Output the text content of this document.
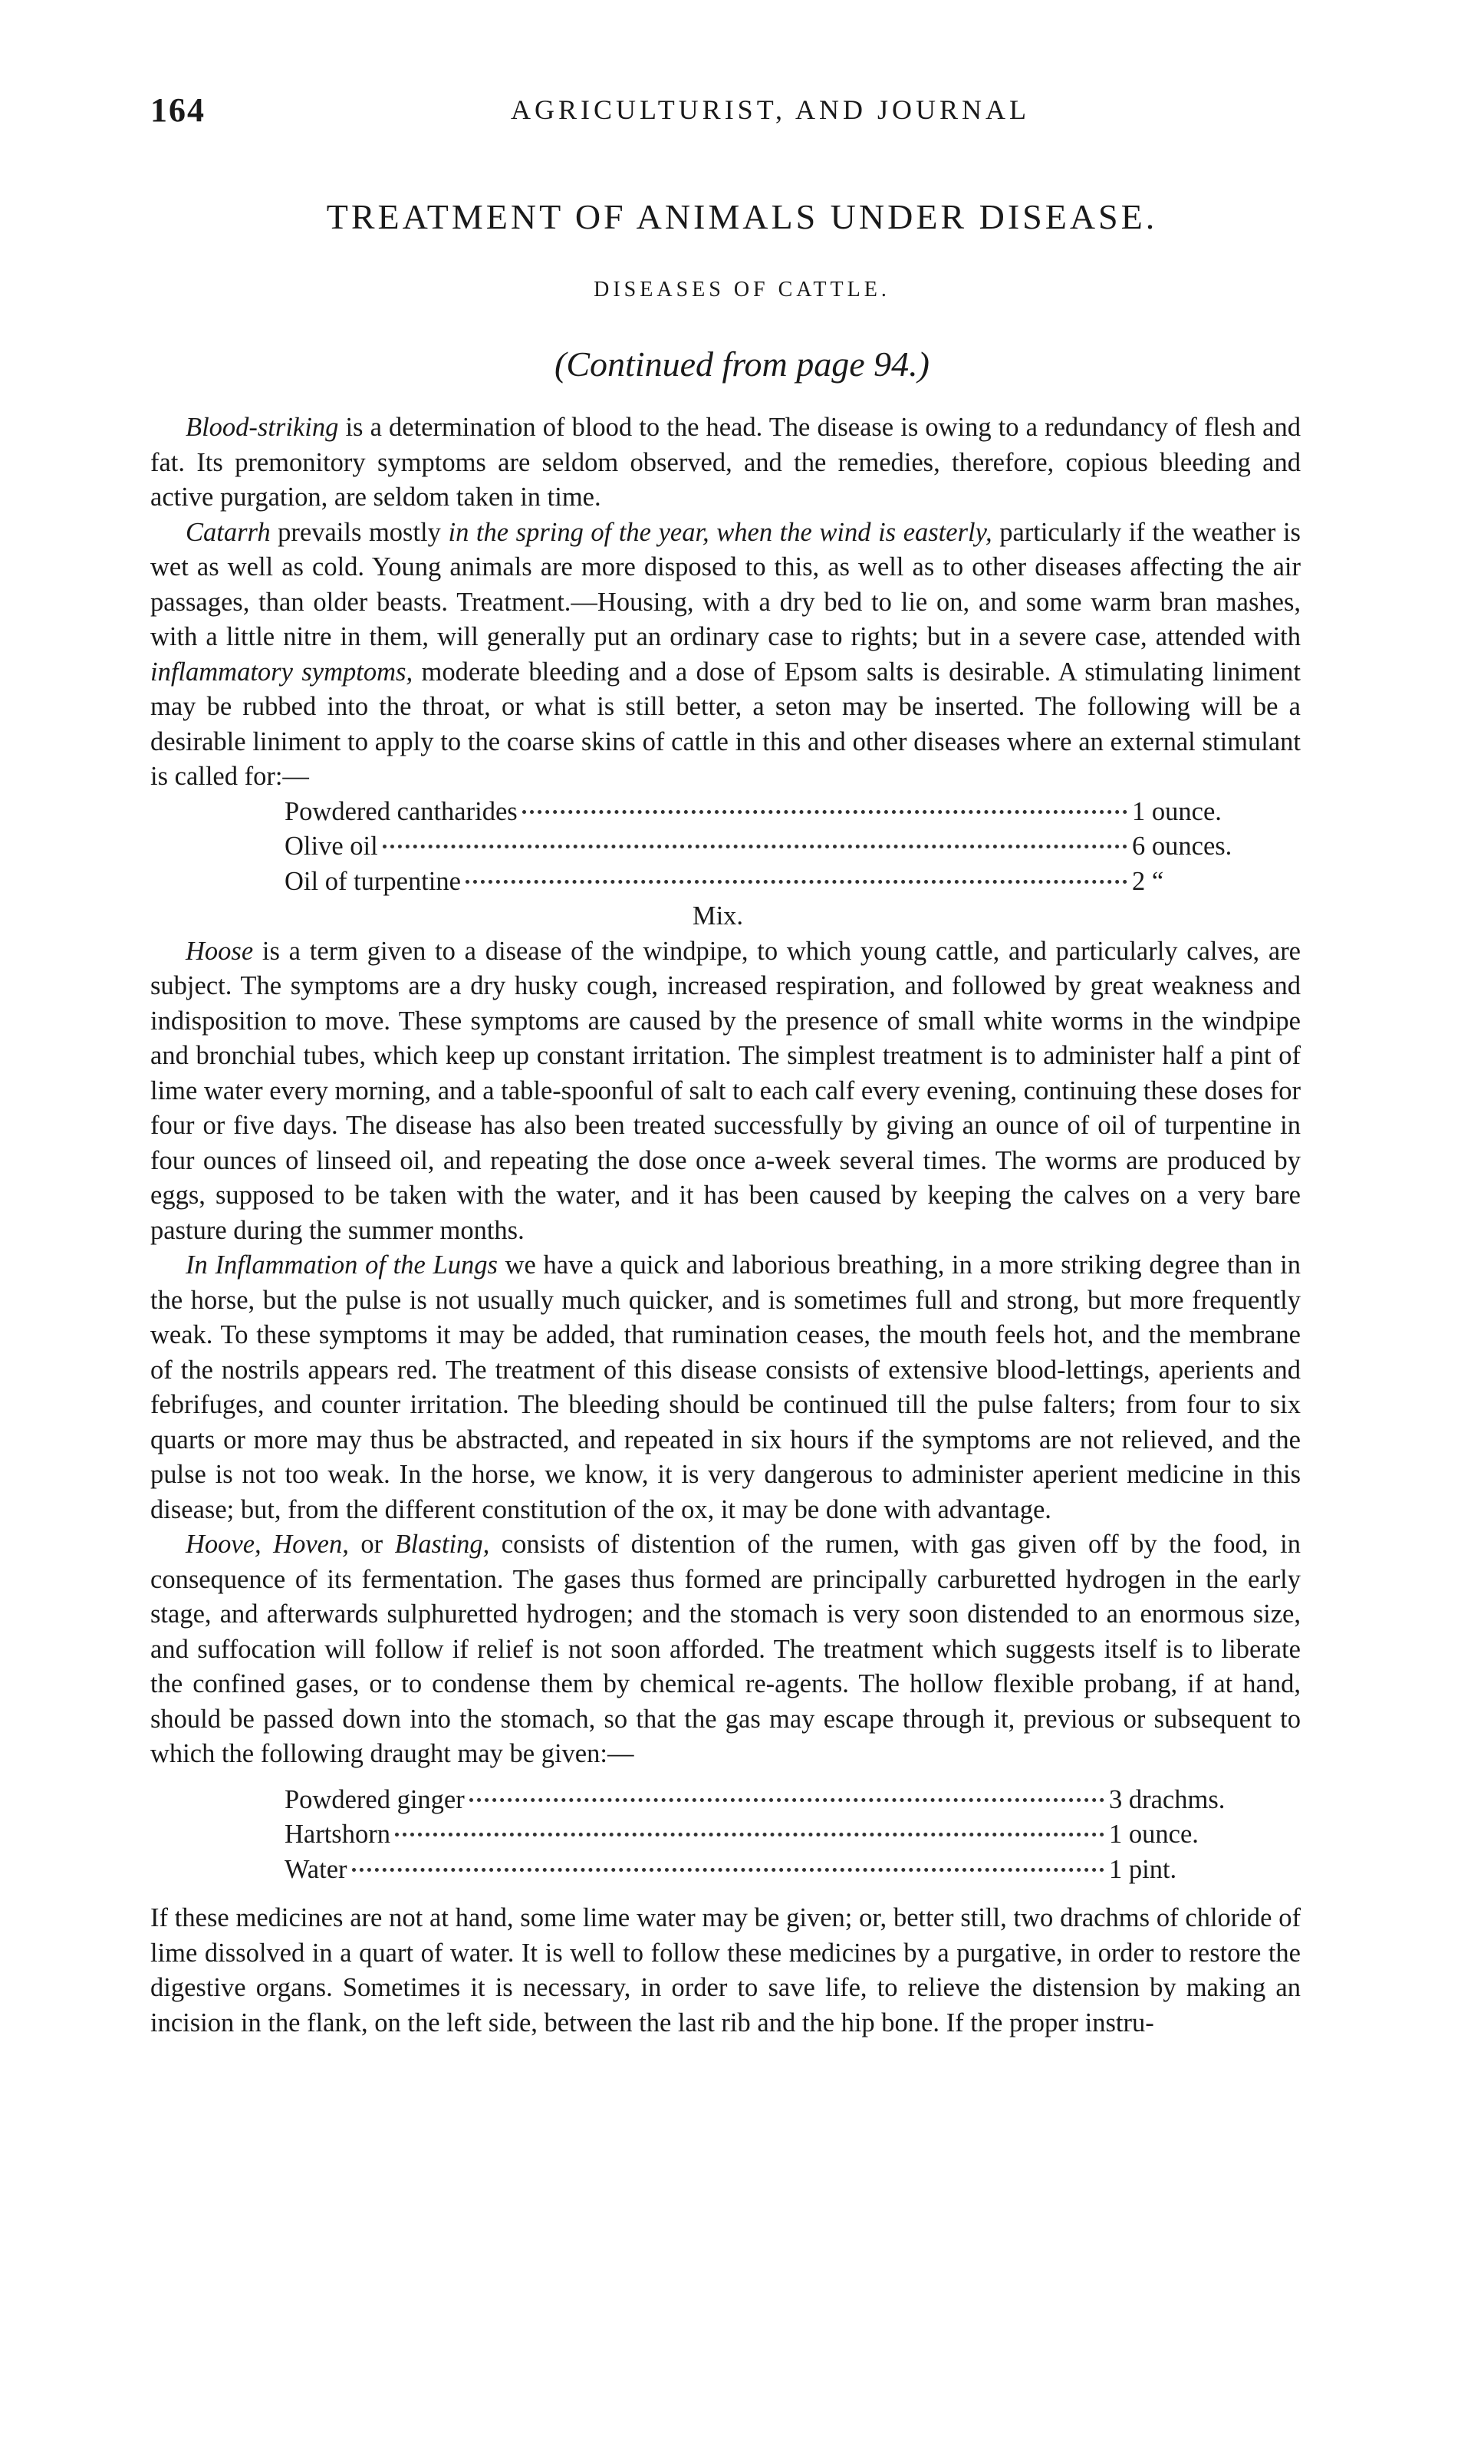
164	AGRICULTURIST, AND JOURNAL
TREATMENT OF ANIMALS UNDER DISEASE.
DISEASES OF CATTLE.
(Continued from page 94.)

Blood-striking is a determination of blood to the head. The disease is owing to a redundancy of flesh and fat. Its premonitory symptoms are seldom observed, and the remedies, therefore, copious bleeding and active purgation, are seldom taken in time.

Catarrh prevails mostly in the spring of the year, when the wind is easterly, particularly if the weather is wet as well as cold. Young animals are more disposed to this, as well as to other diseases affecting the air passages, than older beasts. Treatment.—Housing, with a dry bed to lie on, and some warm bran mashes, with a little nitre in them, will generally put an ordinary case to rights; but in a severe case, attended with inflammatory symptoms, moderate bleeding and a dose of Epsom salts is desirable. A stimulating liniment may be rubbed into the throat, or what is still better, a seton may be inserted. The following will be a desirable liniment to apply to the coarse skins of cattle in this and other diseases where an external stimulant is called for:—

Powdered cantharides	1 ounce.
Olive oil	6 ounces.
Oil of turpentine	2 “
Mix.

Hoose is a term given to a disease of the windpipe, to which young cattle, and particularly calves, are subject. The symptoms are a dry husky cough, increased respiration, and followed by great weakness and indisposition to move. These symptoms are caused by the presence of small white worms in the windpipe and bronchial tubes, which keep up constant irritation. The simplest treatment is to administer half a pint of lime water every morning, and a table-spoonful of salt to each calf every evening, continuing these doses for four or five days. The disease has also been treated successfully by giving an ounce of oil of turpentine in four ounces of linseed oil, and repeating the dose once a-week several times. The worms are produced by eggs, supposed to be taken with the water, and it has been caused by keeping the calves on a very bare pasture during the summer months.

In Inflammation of the Lungs we have a quick and laborious breathing, in a more striking degree than in the horse, but the pulse is not usually much quicker, and is sometimes full and strong, but more frequently weak. To these symptoms it may be added, that rumination ceases, the mouth feels hot, and the membrane of the nostrils appears red. The treatment of this disease consists of extensive blood-lettings, aperients and febrifuges, and counter irritation. The bleeding should be continued till the pulse falters; from four to six quarts or more may thus be abstracted, and repeated in six hours if the symptoms are not relieved, and the pulse is not too weak. In the horse, we know, it is very dangerous to administer aperient medicine in this disease; but, from the different constitution of the ox, it may be done with advantage.

Hoove, Hoven, or Blasting, consists of distention of the rumen, with gas given off by the food, in consequence of its fermentation. The gases thus formed are principally carburetted hydrogen in the early stage, and afterwards sulphuretted hydrogen; and the stomach is very soon distended to an enormous size, and suffocation will follow if relief is not soon afforded. The treatment which suggests itself is to liberate the confined gases, or to condense them by chemical re-agents. The hollow flexible probang, if at hand, should be passed down into the stomach, so that the gas may escape through it, previous or subsequent to which the following draught may be given:—

Powdered ginger	3 drachms.
Hartshorn	1 ounce.
Water	1 pint.

If these medicines are not at hand, some lime water may be given; or, better still, two drachms of chloride of lime dissolved in a quart of water. It is well to follow these medicines by a purgative, in order to restore the digestive organs. Sometimes it is necessary, in order to save life, to relieve the distension by making an incision in the flank, on the left side, between the last rib and the hip bone. If the proper instru-
